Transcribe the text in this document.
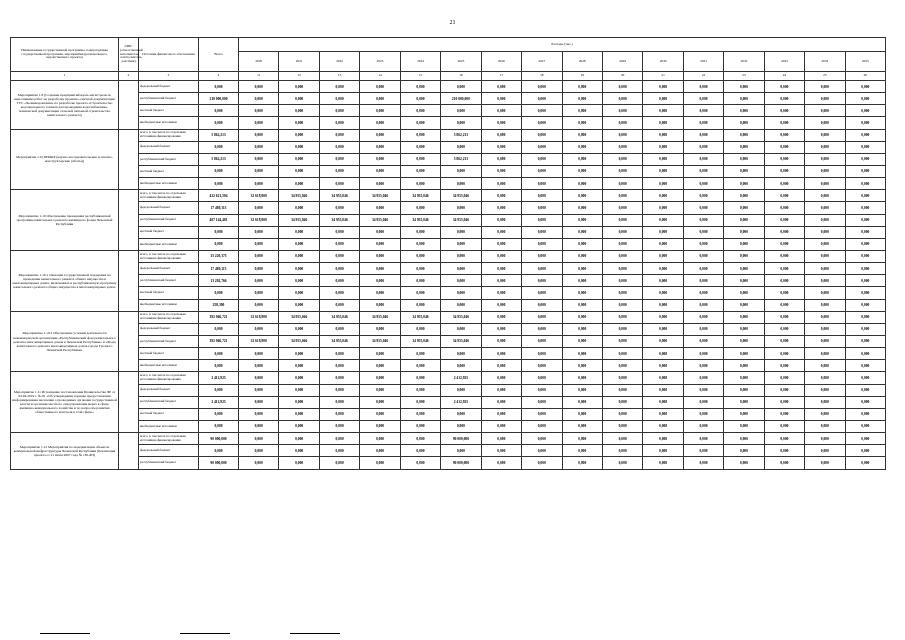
21
Наименование государственной программы, подпрограммы государственной программы, мероприятия (регионального, ведомственного проекта)	ГРБС (ответственный исполнитель, соисполнитель, участник)	Источник финансового обеспечения	Всего	Расходы (тыс.)															
				2020	2021	2022	2023	2024	2025	2026	2027	2028	2029	2030	2031	2032	2033	2034	2035
1	2	3	4	11	12	13	14	15	16	17	18	19	20	21	22	23	24	25	26
Мероприятие 1.8 (Создание предприятий вдоль магистрали по выполнению работ на разработку проектно-сметной документации ГУС «Чеченводокачная» по разработке проекта «Строительство водопроводного тоннеля для проведения водоснабжения», технической документации сельской питьевой строительства, капитального ремонта)		федеральный бюджет	0,000	0,000	0,000	0,000	0,000	0,000	0,000	0,000	0,000	0,000	0,000	0,000	0,000	0,000	0,000	0,000	0,000
		республиканский бюджет	210 000,000	0,000	0,000	0,000	0,000	0,000	210 000,000	0,000	0,000	0,000	0,000	0,000	0,000	0,000	0,000	0,000	0,000
		местный бюджет	0,000	0,000	0,000	0,000	0,000	0,000	0,000	0,000	0,000	0,000	0,000	0,000	0,000	0,000	0,000	0,000	0,000
		внебюджетные источники	0,000	0,000	0,000	0,000	0,000	0,000	0,000	0,000	0,000	0,000	0,000	0,000	0,000	0,000	0,000	0,000	0,000
Мероприятие 1.9 (ПИОКР (научно-исследовательские и опытно-конструкторские работы))		всего, в том числе по отдельным источникам финансирования	5 862,213	0,000	0,000	0,000	0,000	0,000	5 862,213	0,000	0,000	0,000	0,000	0,000	0,000	0,000	0,000	0,000	0,000
		федеральный бюджет	0,000	0,000	0,000	0,000	0,000	0,000	0,000	0,000	0,000	0,000	0,000	0,000	0,000	0,000	0,000	0,000	0,000
		республиканский бюджет	5 862,213	0,000	0,000	0,000	0,000	0,000	5 862,213	0,000	0,000	0,000	0,000	0,000	0,000	0,000	0,000	0,000	0,000
		местный бюджет	0,000	0,000	0,000	0,000	0,000	0,000	0,000	0,000	0,000	0,000	0,000	0,000	0,000	0,000	0,000	0,000	0,000
		внебюджетные источники	0,000	0,000	0,000	0,000	0,000	0,000	0,000	0,000	0,000	0,000	0,000	0,000	0,000	0,000	0,000	0,000	0,000
Мероприятие 1.10 Обеспечение проведения республиканской программы капитального ремонта жилищного фонда Чеченской Республики		всего, в том числе по отдельным источникам финансирования	432 621,594	32 618,900	34 955,046	34 955,046	34 955,046	34 955,046	34 955,046	0,000	0,000	0,000	0,000	0,000	0,000	0,000	0,000	0,000	0,000
		федеральный бюджет	17 480,113	0,000	0,000	0,000	0,000	0,000	0,000	0,000	0,000	0,000	0,000	0,000	0,000	0,000	0,000	0,000	0,000
		республиканский бюджет	407 144,481	32 618,900	34 955,046	34 955,046	34 955,046	34 955,046	34 955,046	0,000	0,000	0,000	0,000	0,000	0,000	0,000	0,000	0,000	0,000
		местный бюджет	0,000	0,000	0,000	0,000	0,000	0,000	0,000	0,000	0,000	0,000	0,000	0,000	0,000	0,000	0,000	0,000	0,000
		внебюджетные источники	0,000	0,000	0,000	0,000	0,000	0,000	0,000	0,000	0,000	0,000	0,000	0,000	0,000	0,000	0,000	0,000	0,000
Мероприятие 1.10.1 Оказание государственной поддержки на проведение капитального ремонта общего имущества в многоквартирных домах, включенных в республиканскую программу капитального ремонта общего имущества в многоквартирных домах		всего, в том числе по отдельным источникам финансирования	35 220,375	0,000	0,000	0,000	0,000	0,000	0,000	0,000	0,000	0,000	0,000	0,000	0,000	0,000	0,000	0,000	0,000
		федеральный бюджет	17 480,113	0,000	0,000	0,000	0,000	0,000	0,000	0,000	0,000	0,000	0,000	0,000	0,000	0,000	0,000	0,000	0,000
		республиканский бюджет	13 202,766	0,000	0,000	0,000	0,000	0,000	0,000	0,000	0,000	0,000	0,000	0,000	0,000	0,000	0,000	0,000	0,000
		местный бюджет	0,000	0,000	0,000	0,000	0,000	0,000	0,000	0,000	0,000	0,000	0,000	0,000	0,000	0,000	0,000	0,000	0,000
		внебюджетные источники	258,390	0,000	0,000	0,000	0,000	0,000	0,000	0,000	0,000	0,000	0,000	0,000	0,000	0,000	0,000	0,000	0,000
Мероприятие 1.10.2 Обеспечение условий деятельности некоммерческой организации «Республиканский фонд капитального ремонта многоквартирных домов в Чеченской Республике» и «Фонд капитального ремонта многоквартирных домов города Грозного Чеченской Республики»		всего, в том числе по отдельным источникам финансирования	392 066,721	32 618,900	34 955,046	34 955,046	34 955,046	34 955,046	34 955,046	0,000	0,000	0,000	0,000	0,000	0,000	0,000	0,000	0,000	0,000
		федеральный бюджет	0,000	0,000	0,000	0,000	0,000	0,000	0,000	0,000	0,000	0,000	0,000	0,000	0,000	0,000	0,000	0,000	0,000
		республиканский бюджет	392 066,721	32 618,900	34 955,046	34 955,046	34 955,046	34 955,046	34 955,046	0,000	0,000	0,000	0,000	0,000	0,000	0,000	0,000	0,000	0,000
		местный бюджет	0,000	0,000	0,000	0,000	0,000	0,000	0,000	0,000	0,000	0,000	0,000	0,000	0,000	0,000	0,000	0,000	0,000
		внебюджетные источники	0,000	0,000	0,000	0,000	0,000	0,000	0,000	0,000	0,000	0,000	0,000	0,000	0,000	0,000	0,000	0,000	0,000
Мероприятие 1.11 Исполнение постановления Правительства ЧР от 02.04.2019 г. № 81 «Об утверждении порядка предоставления информирования населения о проводимых органами государственной власти и органами местного самоуправления мерах в сфере жилищно-коммунального хозяйства и по вопросам развития общественного контроля в этой сфере»		всего, в том числе по отдельным источникам финансирования	2 412,925	0,000	0,000	0,000	0,000	0,000	2 412,925	0,000	0,000	0,000	0,000	0,000	0,000	0,000	0,000	0,000	0,000
		федеральный бюджет	0,000	0,000	0,000	0,000	0,000	0,000	0,000	0,000	0,000	0,000	0,000	0,000	0,000	0,000	0,000	0,000	0,000
		республиканский бюджет	2 412,925	0,000	0,000	0,000	0,000	0,000	2 412,925	0,000	0,000	0,000	0,000	0,000	0,000	0,000	0,000	0,000	0,000
		местный бюджет	0,000	0,000	0,000	0,000	0,000	0,000	0,000	0,000	0,000	0,000	0,000	0,000	0,000	0,000	0,000	0,000	0,000
		внебюджетные источники	0,000	0,000	0,000	0,000	0,000	0,000	0,000	0,000	0,000	0,000	0,000	0,000	0,000	0,000	0,000	0,000	0,000
Мероприятие 1.12 Мероприятия по модернизации объектов коммунальной инфраструктуры Чеченской Республики (Реализация проекта от 21 июля 2007 года № 185-ФЗ)		всего, в том числе по отдельным источникам финансирования	90 000,000	0,000	0,000	0,000	0,000	0,000	90 000,000	0,000	0,000	0,000	0,000	0,000	0,000	0,000	0,000	0,000	0,000
		федеральный бюджет	0,000	0,000	0,000	0,000	0,000	0,000	0,000	0,000	0,000	0,000	0,000	0,000	0,000	0,000	0,000	0,000	0,000
		республиканский бюджет	90 000,000	0,000	0,000	0,000	0,000	0,000	90 000,000	0,000	0,000	0,000	0,000	0,000	0,000	0,000	0,000	0,000	0,000
